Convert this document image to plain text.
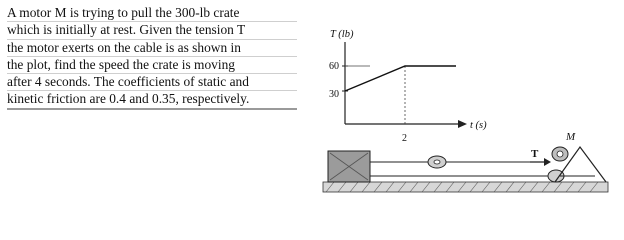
A motor M is trying to pull the 300-lb crate
which is initially at rest. Given the tension T
the motor exerts on the cable is as shown in
the plot, find the speed the crate is moving
after 4 seconds. The coefficients of static and
kinetic friction are 0.4 and 0.35, respectively.
T (lb)
t (s)
60
30
2
T
M
